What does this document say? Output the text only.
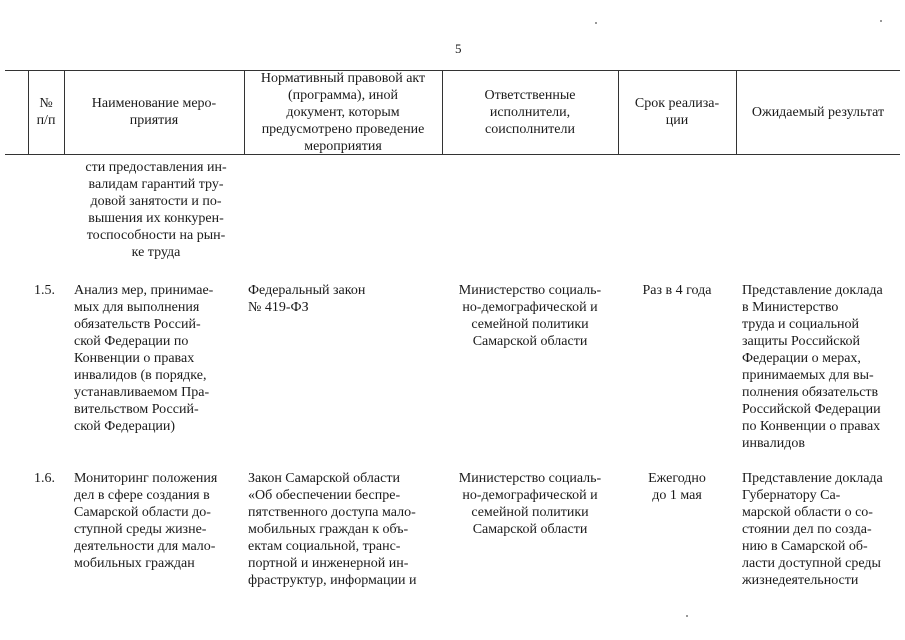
5
№
п/п
Наименование меро-
приятия
Нормативный правовой акт
(программа), иной
документ, которым
предусмотрено проведение
мероприятия
Ответственные
исполнители,
соисполнители
Срок реализа-
ции
Ожидаемый результат
сти предоставления ин-
валидам гарантий тру-
довой занятости и по-
вышения их конкурен-
тоспособности на рын-
ке труда
1.5. Анализ мер, принимае-
мых для выполнения
обязательств Россий-
ской Федерации по
Конвенции о правах
инвалидов (в порядке,
устанавливаемом Пра-
вительством Россий-
ской Федерации)
Федеральный закон
№ 419-ФЗ
Министерство социаль-
но-демографической и
семейной политики
Самарской области
Раз в 4 года	Представление доклада
в Министерство
труда и социальной
защиты Российской
Федерации о мерах,
принимаемых для вы-
полнения обязательств
Российской Федерации
по Конвенции о правах
инвалидов
1.6. Мониторинг положения
дел в сфере создания в
Самарской области до-
ступной среды жизне-
деятельности для мало-
мобильных граждан
Закон Самарской области
«Об обеспечении беспре-
пятственного доступа мало-
мобильных граждан к объ-
ектам социальной, транс-
портной и инженерной ин-
фраструктур, информации и
Министерство социаль-
но-демографической и
семейной политики
Самарской области
Ежегодно
до 1 мая
Представление доклада
Губернатору Са-
марской области о со-
стоянии дел по созда-
нию в Самарской об-
ласти доступной среды
жизнедеятельности
